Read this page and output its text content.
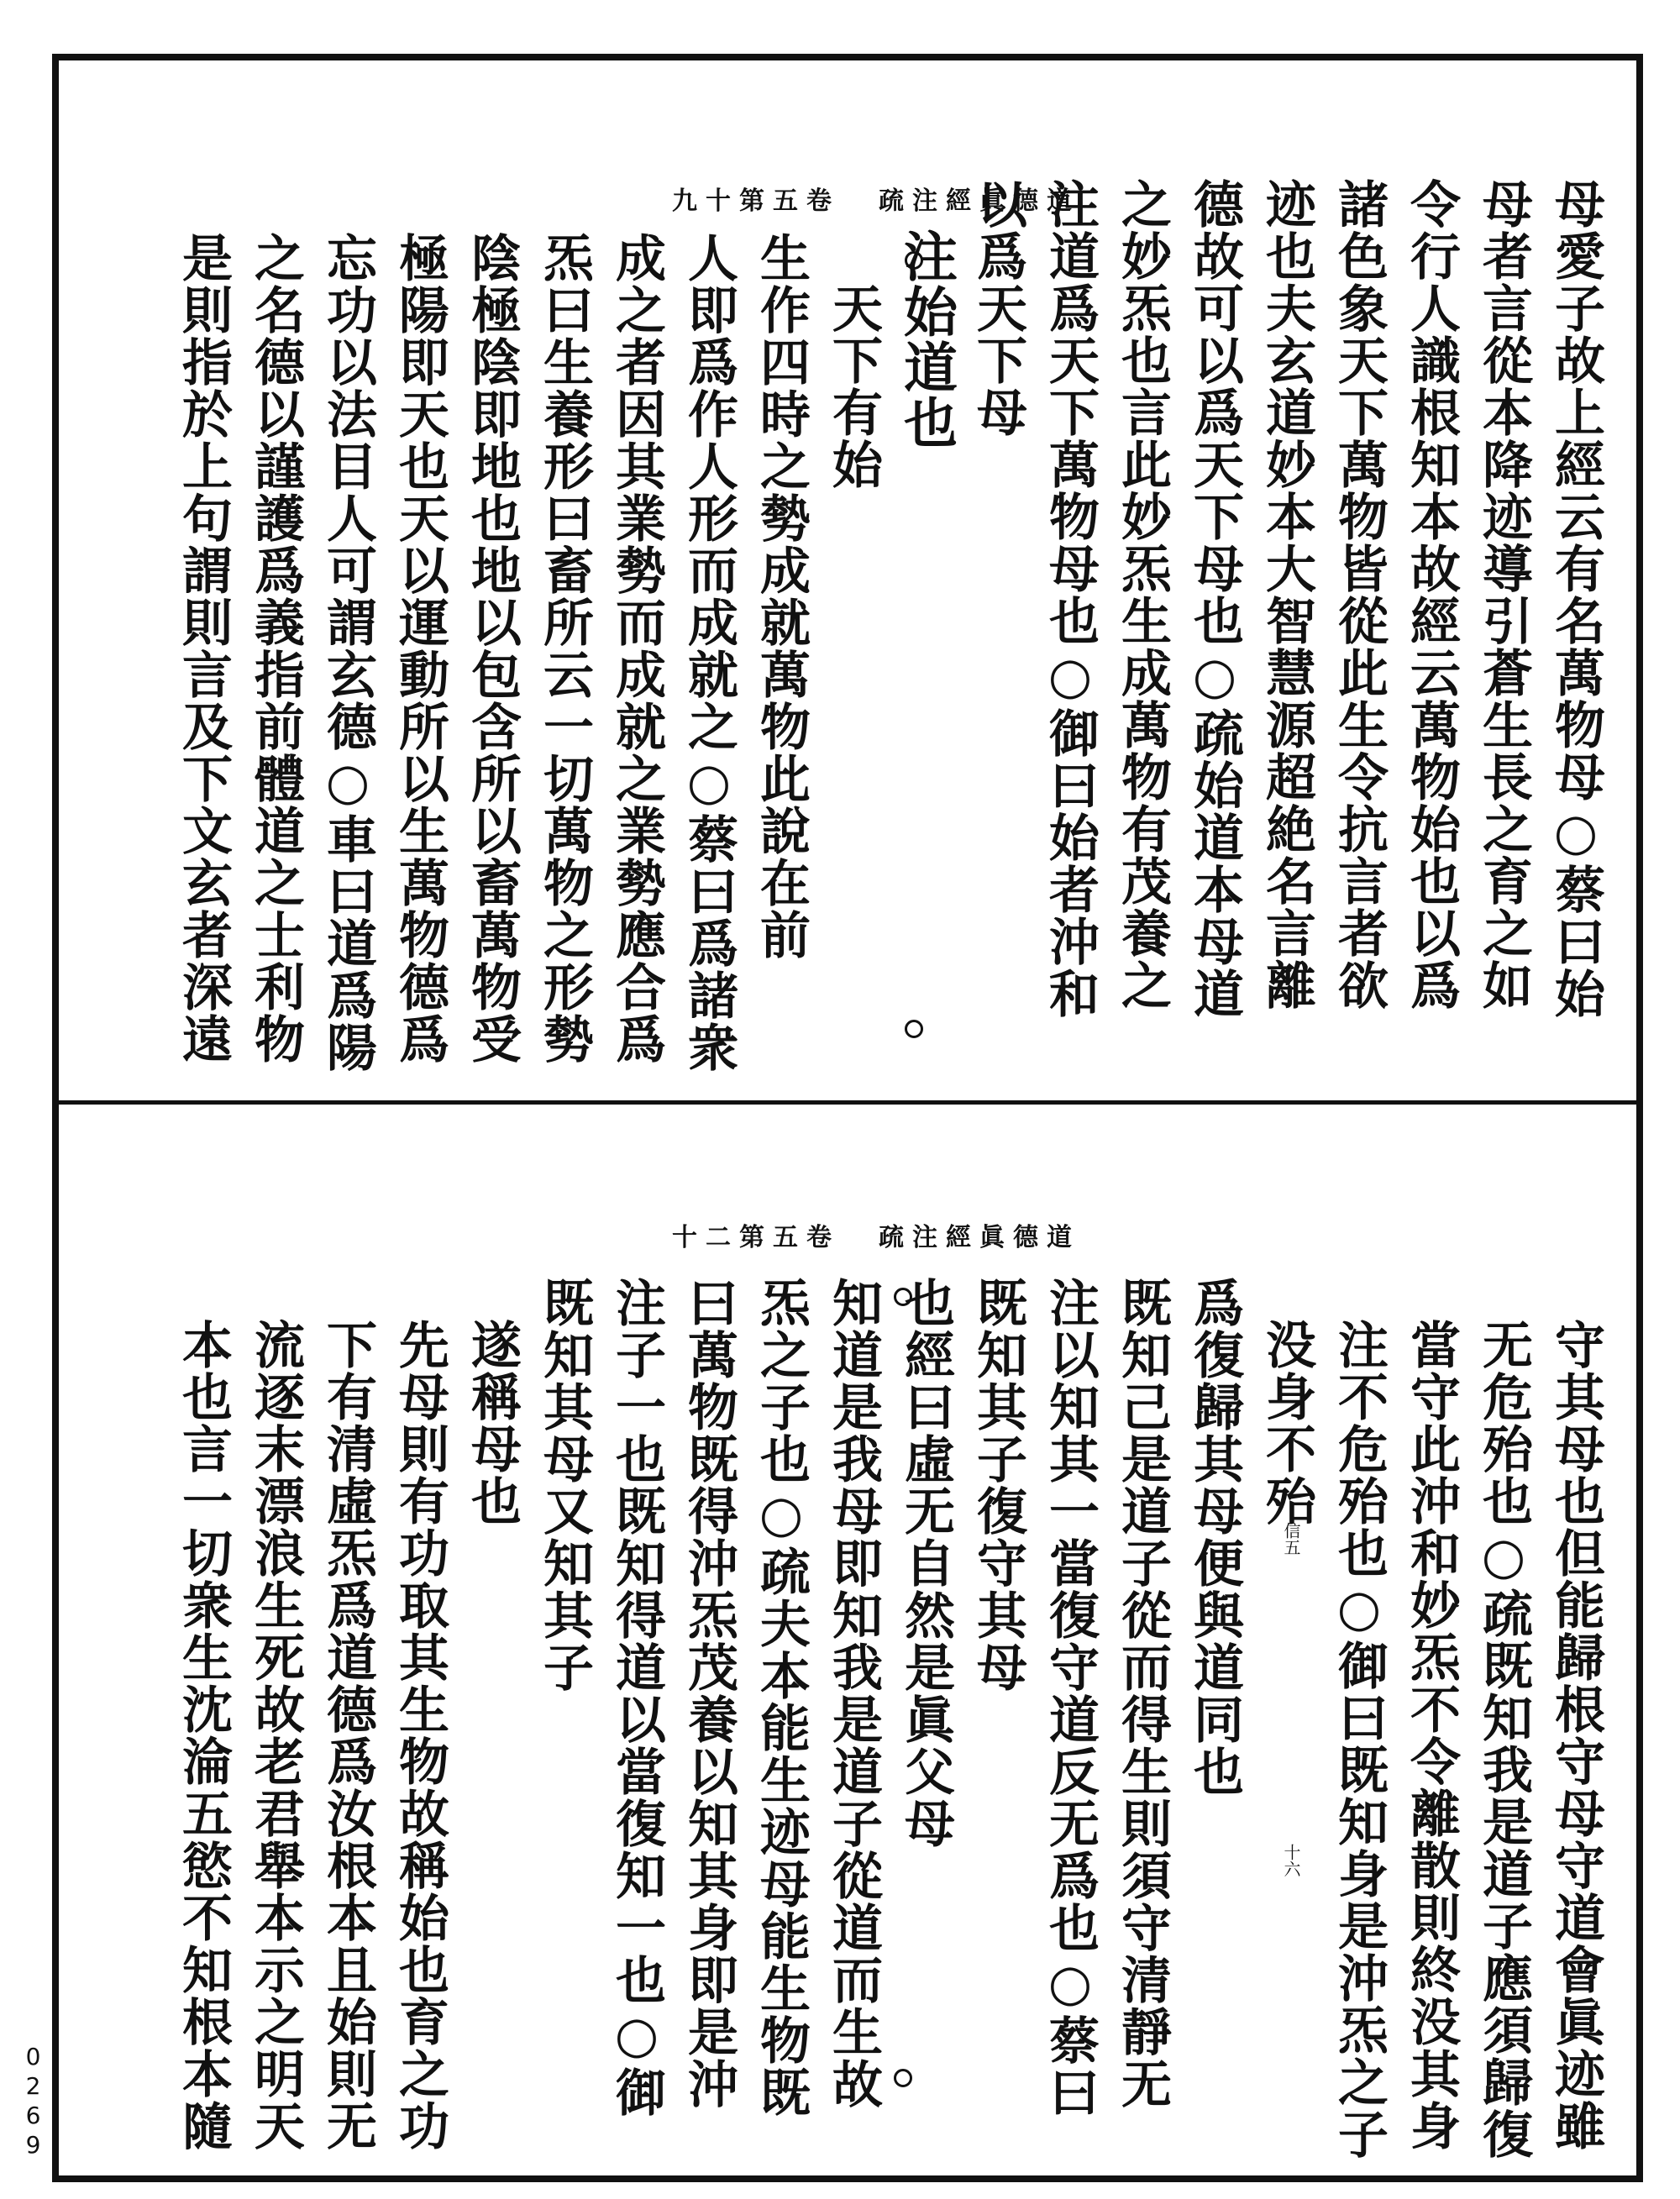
九十第五卷 疏注經眞德道	母愛子故上經云有名萬物母○蔡曰始
母者言從本降迹導引蒼生長之育之如
令行人識根知本故經云萬物始也以爲
諸色象天下萬物皆從此生令抗言者欲
迹也夫玄道妙本大智慧源超絶名言離
德故可以爲天下母也○疏始道本母道
之妙炁也言此妙炁生成萬物有茂養之
注道爲天下萬物母也○御曰始者沖和
以爲天下母
注始道也
天下有始
生作四時之勢成就萬物此說在前
人即爲作人形而成就之○蔡曰爲諸衆
成之者因其業勢而成就之業勢應合爲
炁曰生養形曰畜所云一切萬物之形勢
陰極陰即地也地以包含所以畜萬物受
極陽即天也天以運動所以生萬物德爲
忘功以法目人可謂玄德○車曰道爲陽
之名德以謹護爲義指前體道之士利物
是則指於上句謂則言及下文玄者深遠
十二第五卷 疏注經眞德道
守其母也但能歸根守母守道會眞迹雖
无危殆也○疏既知我是道子應須歸復
當守此沖和妙炁不令離散則終没其身
注不危殆也○御曰既知身是沖炁之子
没身不殆
爲復歸其母便與道同也
既知己是道子從而得生則須守清靜无
注以知其一當復守道反无爲也○蔡曰
既知其子復守其母
也經曰虛无自然是眞父母
知道是我母即知我是道子從道而生故
炁之子也○疏夫本能生迹母能生物既
曰萬物既得沖炁茂養以知其身即是沖
注子一也既知得道以當復知一也○御
既知其母又知其子
遂稱母也
先母則有功取其生物故稱始也育之功
下有清虛炁爲道德爲汝根本且始則无
流逐末漂浪生死故老君舉本示之明天
本也言一切衆生沈淪五慾不知根本隨	信五
十六
0269
